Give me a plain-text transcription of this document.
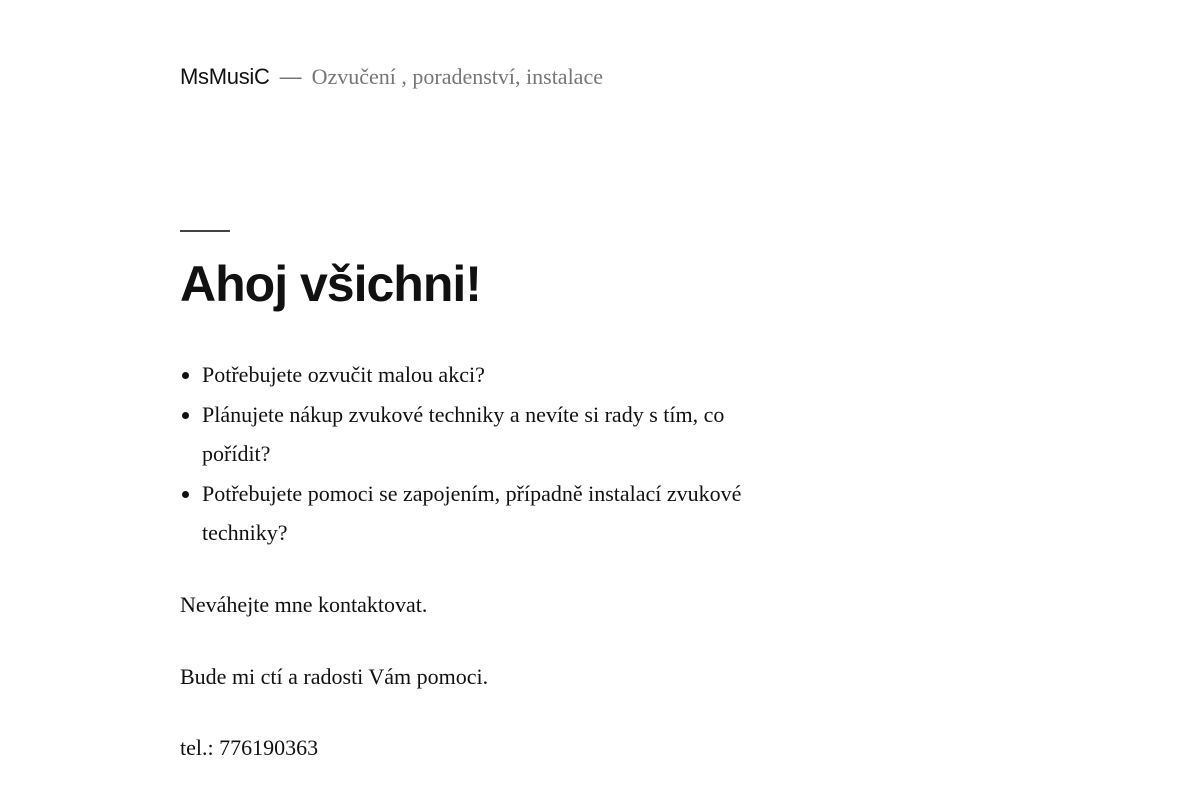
MsMusiC — Ozvučení , poradenství, instalace
Ahoj všichni!
• Potřebujete ozvučit malou akci?
• Plánujete nákup zvukové techniky a nevíte si rady s tím, co pořídit?
• Potřebujete pomoci se zapojením, případně instalací zvukové techniky?

Neváhejte mne kontaktovat.

Bude mi ctí a radosti Vám pomoci.

tel.: 776190363
